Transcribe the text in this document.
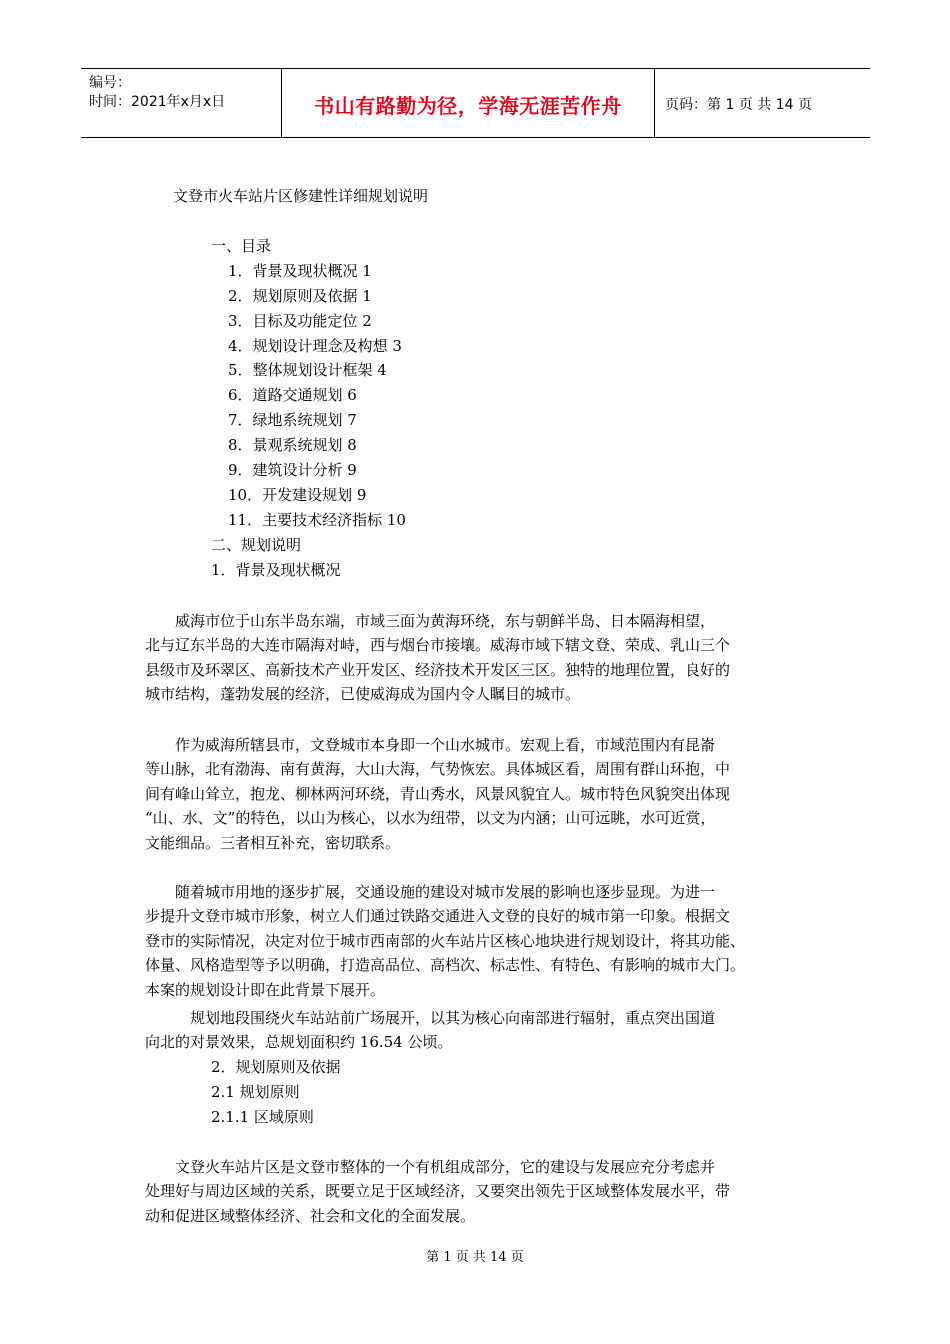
编号：
时间：2021年x月x日	书山有路勤为径，学海无涯苦作舟	页码：第 1 页 共 14 页
文登市火车站片区修建性详细规划说明
一、目录
1．背景及现状概况 1
2．规划原则及依据 1
3．目标及功能定位 2
4．规划设计理念及构想 3
5．整体规划设计框架 4
6．道路交通规划 6
7．绿地系统规划 7
8．景观系统规划 8
9．建筑设计分析 9
10．开发建设规划 9
11．主要技术经济指标 10
二、规划说明
1．背景及现状概况
　　威海市位于山东半岛东端，市域三面为黄海环绕，东与朝鲜半岛、日本隔海相望，
北与辽东半岛的大连市隔海对峙，西与烟台市接壤。威海市域下辖文登、荣成、乳山三个
县级市及环翠区、高新技术产业开发区、经济技术开发区三区。独特的地理位置，良好的
城市结构，蓬勃发展的经济，已使威海成为国内令人瞩目的城市。
　　作为威海所辖县市，文登城市本身即一个山水城市。宏观上看，市域范围内有昆嵛
等山脉，北有渤海、南有黄海，大山大海，气势恢宏。具体城区看，周围有群山环抱，中
间有峰山耸立，抱龙、柳林两河环绕，青山秀水，风景风貌宜人。城市特色风貌突出体现
“山、水、文”的特色，以山为核心，以水为纽带，以文为内涵；山可远眺，水可近赏，
文能细品。三者相互补充，密切联系。
　　随着城市用地的逐步扩展，交通设施的建设对城市发展的影响也逐步显现。为进一
步提升文登市城市形象，树立人们通过铁路交通进入文登的良好的城市第一印象。根据文
登市的实际情况，决定对位于城市西南部的火车站片区核心地块进行规划设计，将其功能、
体量、风格造型等予以明确，打造高品位、高档次、标志性、有特色、有影响的城市大门。
本案的规划设计即在此背景下展开。
　　规划地段围绕火车站站前广场展开，以其为核心向南部进行辐射，重点突出国道
向北的对景效果，总规划面积约 16.54 公顷。
2．规划原则及依据
2.1 规划原则
2.1.1 区域原则
　　文登火车站片区是文登市整体的一个有机组成部分，它的建设与发展应充分考虑并
处理好与周边区域的关系，既要立足于区域经济，又要突出领先于区域整体发展水平，带
动和促进区域整体经济、社会和文化的全面发展。
第 1 页 共 14 页
